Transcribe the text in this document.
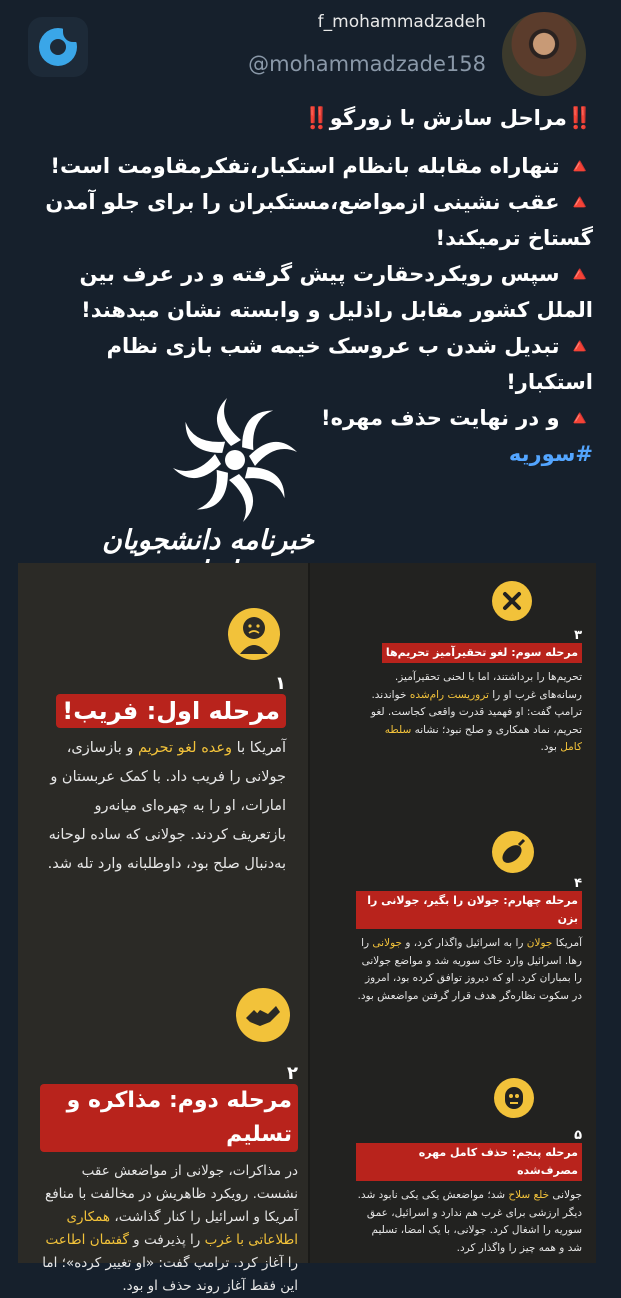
f_mohammadzadeh
@mohammadzade158

‼️مراحل سازش با زورگو‼️

🔺 تنهاراه مقابله بانظام استکبار،تفکرمقاومت است!

🔺 عقب نشینی ازمواضع،مستکبران را برای جلو آمدن گستاخ ترمیکند!

🔺 سپس رویکردحقارت پیش گرفته و در عرف بین الملل کشور مقابل راذلیل و وابسته نشان میدهند!

🔺 تبدیل شدن ب عروسک خیمه شب بازی نظام استکبار!

🔺 و در نهایت حذف مهره!

#سوریه

خبرنامه دانشجویان
۱
مرحله اول: فریب!
آمریکا با وعده لغو تحریم و بازسازی، جولانی را فریب داد. با کمک عربستان و امارات، او را به چهره‌ای میانه‌رو بازتعریف کردند. جولانی که ساده لوحانه به‌دنبال صلح بود، داوطلبانه وارد تله شد.
۲
مرحله دوم: مذاکره و تسلیم
در مذاکرات، جولانی از مواضعش عقب نشست. رویکرد ظاهریش در مخالفت با منافع آمریکا و اسرائیل را کنار گذاشت، همکاری اطلاعاتی با غرب را پذیرفت و گفتمان اطاعت را آغاز کرد. ترامپ گفت: «او تغییر کرده»؛ اما این فقط آغاز روند حذف او بود.
۳
مرحله سوم: لغو تحقیرآمیز تحریم‌ها
تحریم‌ها را برداشتند، اما با لحنی تحقیرآمیز. رسانه‌های غرب او را تروریست رام‌شده خواندند. ترامپ گفت: او فهمید قدرت واقعی کجاست. لغو تحریم، نماد همکاری و صلح نبود؛ نشانه سلطه کامل بود.
۴
مرحله چهارم: جولان را بگیر، جولانی را بزن
آمریکا جولان را به اسرائیل واگذار کرد، و جولانی را رها. اسرائیل وارد خاک سوریه شد و مواضع جولانی را بمباران کرد. او که دیروز توافق کرده بود، امروز در سکوت نظاره‌گر هدف قرار گرفتن مواضعش بود.
۵
مرحله پنجم: حذف کامل مهره مصرف‌شده
جولانی خلع سلاح شد؛ مواضعش یکی یکی نابود شد. دیگر ارزشی برای غرب هم ندارد و اسرائیل، عمق سوریه را اشغال کرد. جولانی، با یک امضا، تسلیم شد و همه چیز را واگذار کرد.
